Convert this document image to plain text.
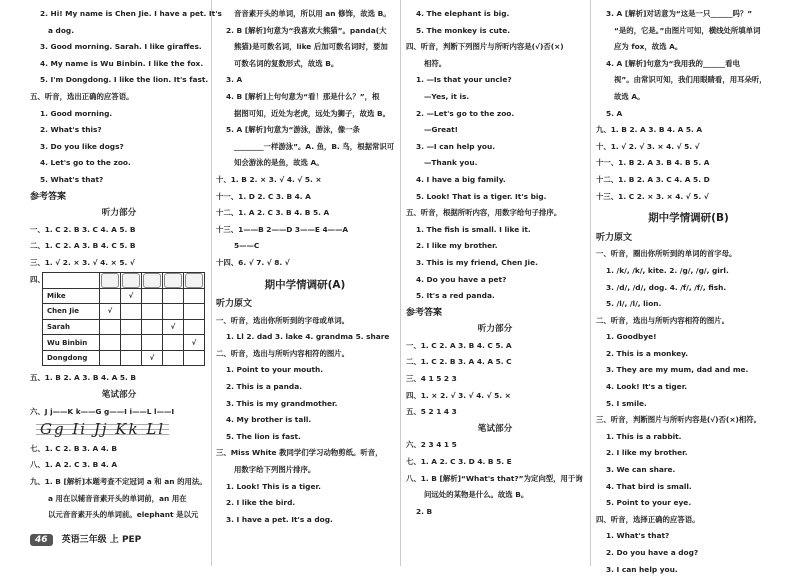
2. Hi! My name is Chen Jie. I have a pet. It's
a dog.
3. Good morning. Sarah. I like giraffes.
4. My name is Wu Binbin. I like the fox.
5. I'm Dongdong. I like the lion. It's fast.
五、听音，选出正确的应答语。
1. Good morning.
2. What's this?
3. Do you like dogs?
4. Let's go to the zoo.
5. What's that?
参考答案
听力部分
一、1. C 2. B 3. C 4. A 5. B
二、1. C 2. A 3. B 4. C 5. B
三、1. √ 2. × 3. √ 4. × 5. √
四、

Mike		√			
Chen Jie	√				
Sarah				√	
Wu Binbin					√
Dongdong			√		
五、1. B 2. A 3. B 4. A 5. B
笔试部分
六、J j——K k——G g——I i——L l——I
Gg Ii Jj Kk Ll
七、1. C 2. B 3. A 4. B
八、1. A 2. C 3. B 4. A
九、1. B [解析]本题考查不定冠词 a 和 an 的用法。
a 用在以辅音音素开头的单词前，an 用在
以元音音素开头的单词前。elephant 是以元
音音素开头的单词，所以用 an 修饰，故选 B。
2. B [解析]句意为“我喜欢大熊猫”。panda(大
熊猫)是可数名词，like 后加可数名词时，要加
可数名词的复数形式，故选 B。
3. A
4. B [解析]上句句意为“看！那是什么？”，根
据图可知，近处为老虎，远处为狮子，故选 B。
5. A [解析]句意为“游泳，游泳，像一条
________一样游泳”。A. 鱼，B. 鸟，根据常识可
知会游泳的是鱼，故选 A。
十、1. B 2. × 3. √ 4. √ 5. ×
十一、1. D 2. C 3. B 4. A
十二、1. A 2. C 3. B 4. B 5. A
十三、1——B 2——D 3——E 4——A
5——C
十四、6. √ 7. √ 8. √
期中学情调研(A)
听力原文
一、听音，选出你所听到的字母或单词。
1. Ll 2. dad 3. lake 4. grandma 5. share
二、听音，选出与所听内容相符的图片。
1. Point to your mouth.
2. This is a panda.
3. This is my grandmother.
4. My brother is tall.
5. The lion is fast.
三、Miss White 教同学们学习动物剪纸。听音，
用数字给下列图片排序。
1. Look! This is a tiger.
2. I like the bird.
3. I have a pet. It's a dog.
4. The elephant is big.
5. The monkey is cute.
四、听音，判断下列图片与所听内容是(√)否(×)
相符。
1. —Is that your uncle?
—Yes, it is.
2. —Let's go to the zoo.
—Great!
3. —I can help you.
—Thank you.
4. I have a big family.
5. Look! That is a tiger. It's big.
五、听音，根据所听内容，用数字给句子排序。
1. The fish is small. I like it.
2. I like my brother.
3. This is my friend, Chen Jie.
4. Do you have a pet?
5. It's a red panda.
参考答案
听力部分
一、1. C 2. A 3. B 4. C 5. A
二、1. C 2. B 3. A 4. A 5. C
三、4 1 5 2 3
四、1. × 2. √ 3. √ 4. √ 5. ×
五、5 2 1 4 3
笔试部分
六、2 3 4 1 5
七、1. A 2. C 3. D 4. B 5. E
八、1. B [解析]“What's that?”为定向型，用于询
问远处的某物是什么。故选 B。
2. B
3. A [解析]对话意为“这是一只______吗？”
“是的，它是。”由图片可知，横线处所填单词
应为 fox，故选 A。
4. A [解析]句意为“我用我的______看电
视”。由常识可知，我们用眼睛看，用耳朵听，
故选 A。
5. A
九、1. B 2. A 3. B 4. A 5. A
十、1. √ 2. √ 3. × 4. √ 5. √
十一、1. B 2. A 3. B 4. B 5. A
十二、1. B 2. A 3. C 4. A 5. D
十三、1. C 2. × 3. × 4. √ 5. √
期中学情调研(B)
听力原文
一、听音，圈出你所听到的单词的首字母。
1. /k/, /k/, kite. 2. /g/, /g/, girl.
3. /d/, /d/, dog. 4. /f/, /f/, fish.
5. /l/, /l/, lion.
二、听音，选出与所听内容相符的图片。
1. Goodbye!
2. This is a monkey.
3. They are my mum, dad and me.
4. Look! It's a tiger.
5. I smile.
三、听音，判断图片与所听内容是(√)否(×)相符。
1. This is a rabbit.
2. I like my brother.
3. We can share.
4. That bird is small.
5. Point to your eye.
四、听音，选择正确的应答语。
1. What's that?
2. Do you have a dog?
3. I can help you.
46 英语三年级 上 PEP
